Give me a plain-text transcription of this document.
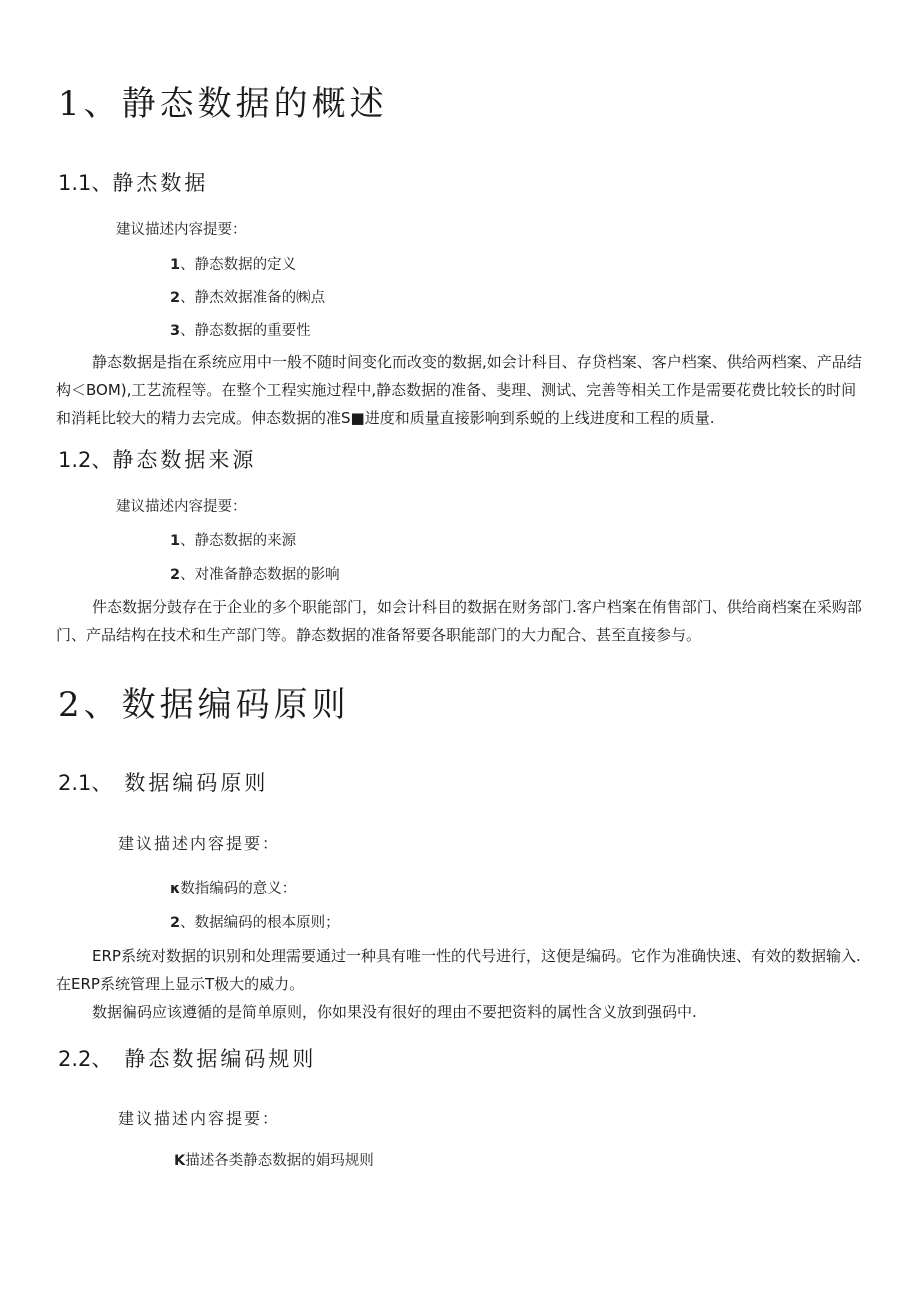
1、静态数据的概述
1.1、静杰数据
建议描述内容提要：
1、静态数据的定义
2、静杰效据准备的㈱点
3、静态数据的重要性
静态数据是指在系统应用中一般不随时间变化而改变的数据,如会计科目、存贷档案、客户档案、供给两档案、产品结构＜BOM),工艺流程等。在整个工程实施过程中,静态数据的准备、斐理、测试、完善等相关工作是需要花费比较长的时间和消耗比较大的精力去完成。伸态数据的准S■进度和质量直接影响到系蜕的上线进度和工程的质量.
1.2、静态数据来源
建议描述内容提要：
1、静态数据的来源
2、对准备静态数据的影响
件态数据分鼓存在于企业的多个职能部门，如会计科目的数据在财务部门.客户档案在侑售部门、供给商档案在采购部门、产品结构在技术和生产部门等。静态数据的准备帑要各职能部门的大力配合、甚至直接参与。
2、数据编码原则
2.1、 数据编码原则
建议描述内容提要：
κ数指编码的意义：
2、数据编码的根本原则；
ERP系统对数据的识别和处理需要通过一种具有唯一性的代号进行，这便是编码。它作为准确快速、有效的数据输入.在ERP系统管理上显示T极大的威力。
数据徧码应该遵循的是简单原则，你如果没有很好的理由不要把资料的属性含义放到强码中.
2.2、 静态数据编码规则
建议描述内容提要：
K描述各类静态数据的娟玛规则
